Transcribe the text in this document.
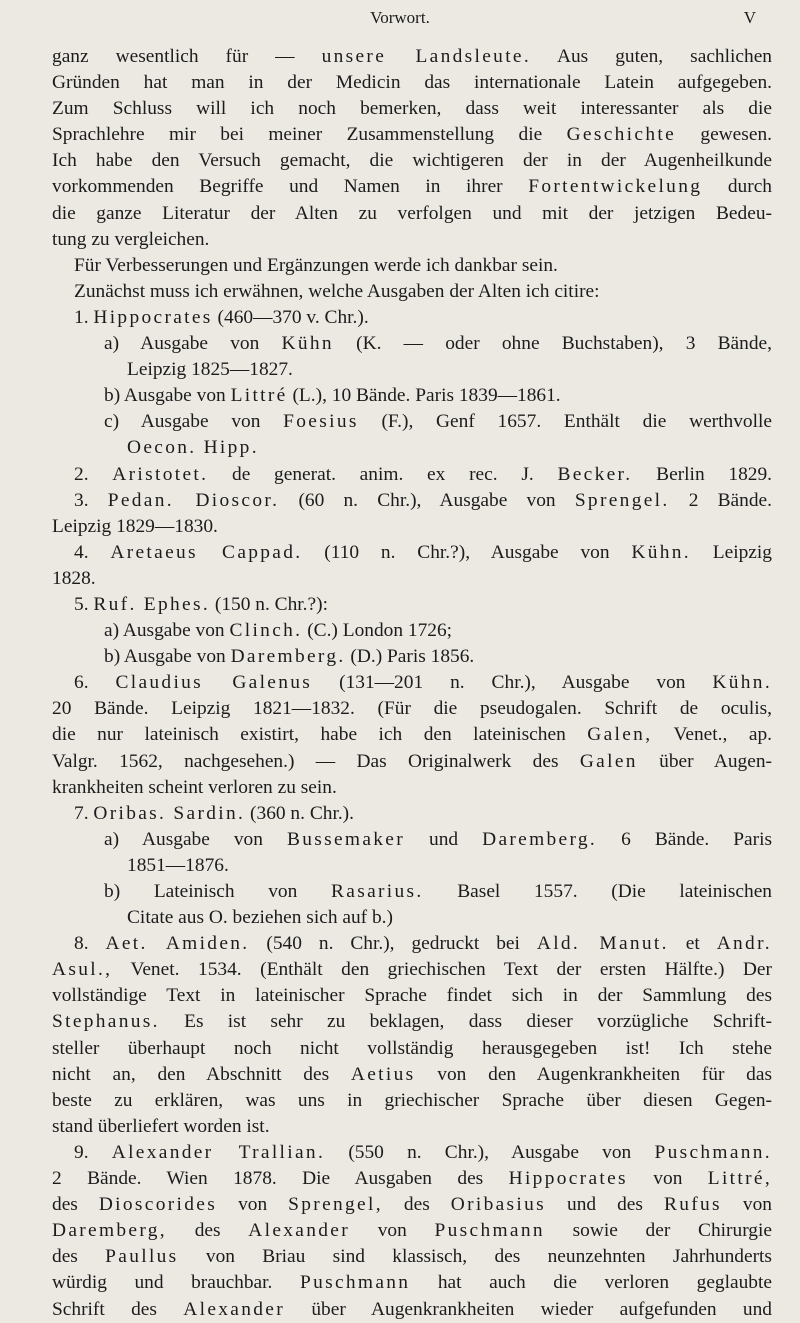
Vorwort.	V
ganz wesentlich für — unsere Landsleute. Aus guten, sachlichen
Gründen hat man in der Medicin das internationale Latein aufgegeben.
Zum Schluss will ich noch bemerken, dass weit interessanter als die
Sprachlehre mir bei meiner Zusammenstellung die Geschichte gewesen.
Ich habe den Versuch gemacht, die wichtigeren der in der Augenheilkunde
vorkommenden Begriffe und Namen in ihrer Fortentwickelung durch
die ganze Literatur der Alten zu verfolgen und mit der jetzigen Bedeu-
tung zu vergleichen.
Für Verbesserungen und Ergänzungen werde ich dankbar sein.
Zunächst muss ich erwähnen, welche Ausgaben der Alten ich citire:
1. Hippocrates (460—370 v. Chr.).
a) Ausgabe von Kühn (K. — oder ohne Buchstaben), 3 Bände,
Leipzig 1825—1827.
b) Ausgabe von Littré (L.), 10 Bände. Paris 1839—1861.
c) Ausgabe von Foesius (F.), Genf 1657. Enthält die werthvolle
Oecon. Hipp.
2. Aristotet. de generat. anim. ex rec. J. Becker. Berlin 1829.
3. Pedan. Dioscor. (60 n. Chr.), Ausgabe von Sprengel. 2 Bände.
Leipzig 1829—1830.
4. Aretaeus Cappad. (110 n. Chr.?), Ausgabe von Kühn. Leipzig
1828.
5. Ruf. Ephes. (150 n. Chr.?):
a) Ausgabe von Clinch. (C.) London 1726;
b) Ausgabe von Daremberg. (D.) Paris 1856.
6. Claudius Galenus (131—201 n. Chr.), Ausgabe von Kühn.
20 Bände. Leipzig 1821—1832. (Für die pseudogalen. Schrift de oculis,
die nur lateinisch existirt, habe ich den lateinischen Galen, Venet., ap.
Valgr. 1562, nachgesehen.) — Das Originalwerk des Galen über Augen-
krankheiten scheint verloren zu sein.
7. Oribas. Sardin. (360 n. Chr.).
a) Ausgabe von Bussemaker und Daremberg. 6 Bände. Paris
1851—1876.
b) Lateinisch von Rasarius. Basel 1557. (Die lateinischen
Citate aus O. beziehen sich auf b.)
8. Aet. Amiden. (540 n. Chr.), gedruckt bei Ald. Manut. et Andr.
Asul., Venet. 1534. (Enthält den griechischen Text der ersten Hälfte.) Der
vollständige Text in lateinischer Sprache findet sich in der Sammlung des
Stephanus. Es ist sehr zu beklagen, dass dieser vorzügliche Schrift-
steller überhaupt noch nicht vollständig herausgegeben ist! Ich stehe
nicht an, den Abschnitt des Aetius von den Augenkrankheiten für das
beste zu erklären, was uns in griechischer Sprache über diesen Gegen-
stand überliefert worden ist.
9. Alexander Trallian. (550 n. Chr.), Ausgabe von Puschmann.
2 Bände. Wien 1878. Die Ausgaben des Hippocrates von Littré,
des Dioscorides von Sprengel, des Oribasius und des Rufus von
Daremberg, des Alexander von Puschmann sowie der Chirurgie
des Paullus von Briau sind klassisch, des neunzehnten Jahrhunderts
würdig und brauchbar. Puschmann hat auch die verloren geglaubte
Schrift des Alexander über Augenkrankheiten wieder aufgefunden und
